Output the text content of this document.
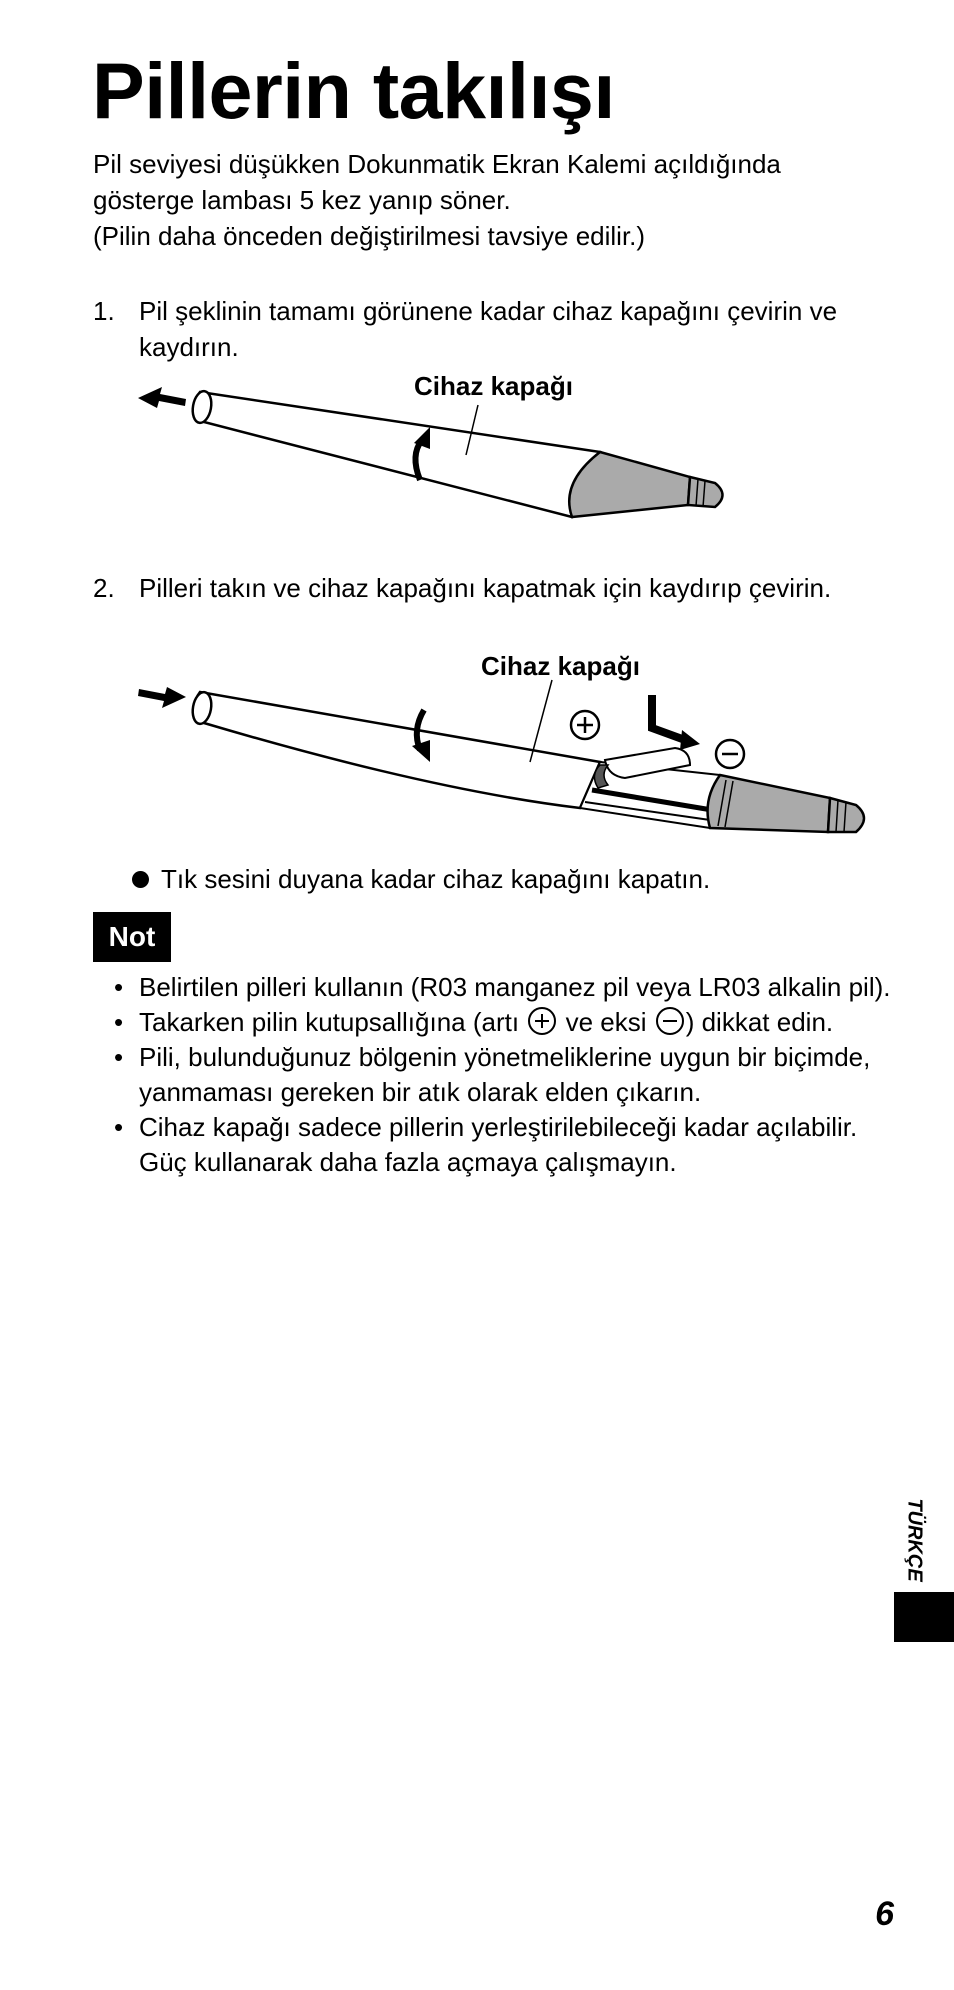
Pillerin takılışı
Pil seviyesi düşükken Dokunmatik Ekran Kalemi açıldığında
gösterge lambası 5 kez yanıp söner.
(Pilin daha önceden değiştirilmesi tavsiye edilir.)
1. Pil şeklinin tamamı görünene kadar cihaz kapağını çevirin ve kaydırın.
Cihaz kapağı
2. Pilleri takın ve cihaz kapağını kapatmak için kaydırıp çevirin.
Cihaz kapağı
Tık sesini duyana kadar cihaz kapağını kapatın.
Not
• Belirtilen pilleri kullanın (R03 manganez pil veya LR03 alkalin pil).
• Takarken pilin kutupsallığına (artı ve eksi ) dikkat edin.
• Pili, bulunduğunuz bölgenin yönetmeliklerine uygun bir biçimde, yanmaması gereken bir atık olarak elden çıkarın.
• Cihaz kapağı sadece pillerin yerleştirilebileceği kadar açılabilir. Güç kullanarak daha fazla açmaya çalışmayın.
TÜRKÇE
6
